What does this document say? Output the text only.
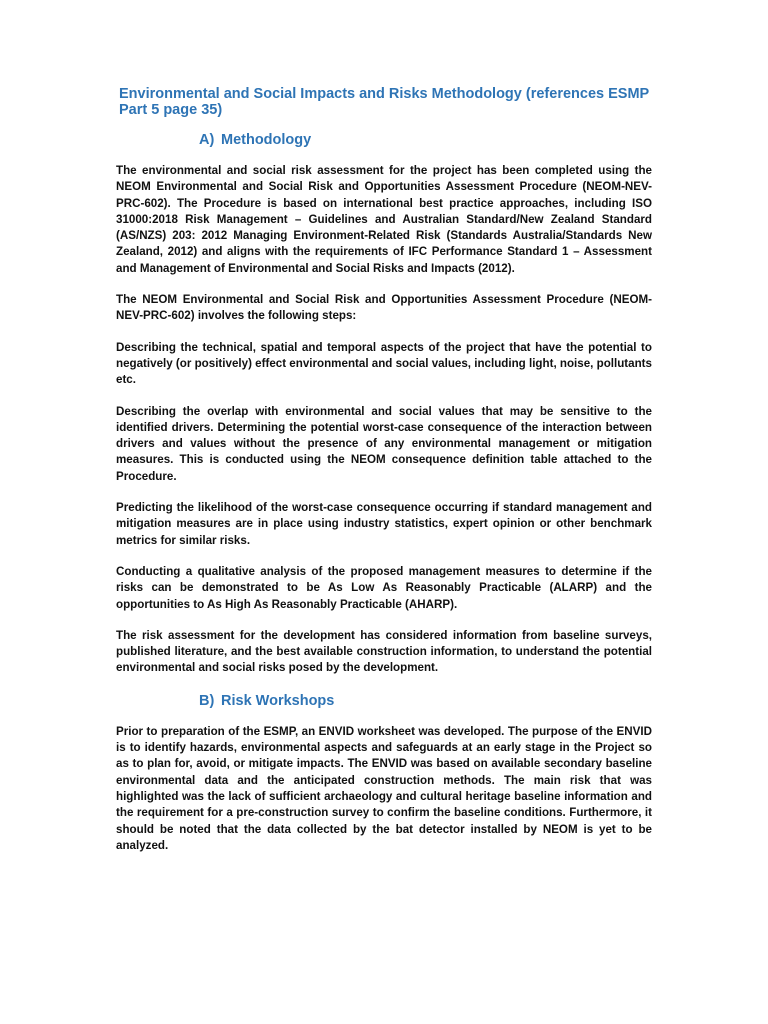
Environmental and Social Impacts and Risks Methodology (references ESMP Part 5 page 35)
A) Methodology

The environmental and social risk assessment for the project has been completed using the NEOM Environmental and Social Risk and Opportunities Assessment Procedure (NEOM-NEV-PRC-602). The Procedure is based on international best practice approaches, including ISO 31000:2018 Risk Management – Guidelines and Australian Standard/New Zealand Standard (AS/NZS) 203: 2012 Managing Environment-Related Risk (Standards Australia/Standards New Zealand, 2012) and aligns with the requirements of IFC Performance Standard 1 – Assessment and Management of Environmental and Social Risks and Impacts (2012).

The NEOM Environmental and Social Risk and Opportunities Assessment Procedure (NEOM-NEV-PRC-602) involves the following steps:

Describing the technical, spatial and temporal aspects of the project that have the potential to negatively (or positively) effect environmental and social values, including light, noise, pollutants etc.

Describing the overlap with environmental and social values that may be sensitive to the identified drivers. Determining the potential worst-case consequence of the interaction between drivers and values without the presence of any environmental management or mitigation measures. This is conducted using the NEOM consequence definition table attached to the Procedure.

Predicting the likelihood of the worst-case consequence occurring if standard management and mitigation measures are in place using industry statistics, expert opinion or other benchmark metrics for similar risks.

Conducting a qualitative analysis of the proposed management measures to determine if the risks can be demonstrated to be As Low As Reasonably Practicable (ALARP) and the opportunities to As High As Reasonably Practicable (AHARP).

The risk assessment for the development has considered information from baseline surveys, published literature, and the best available construction information, to understand the potential environmental and social risks posed by the development.

B) Risk Workshops

Prior to preparation of the ESMP, an ENVID worksheet was developed. The purpose of the ENVID is to identify hazards, environmental aspects and safeguards at an early stage in the Project so as to plan for, avoid, or mitigate impacts. The ENVID was based on available secondary baseline environmental data and the anticipated construction methods. The main risk that was highlighted was the lack of sufficient archaeology and cultural heritage baseline information and the requirement for a pre-construction survey to confirm the baseline conditions. Furthermore, it should be noted that the data collected by the bat detector installed by NEOM is yet to be analyzed.
